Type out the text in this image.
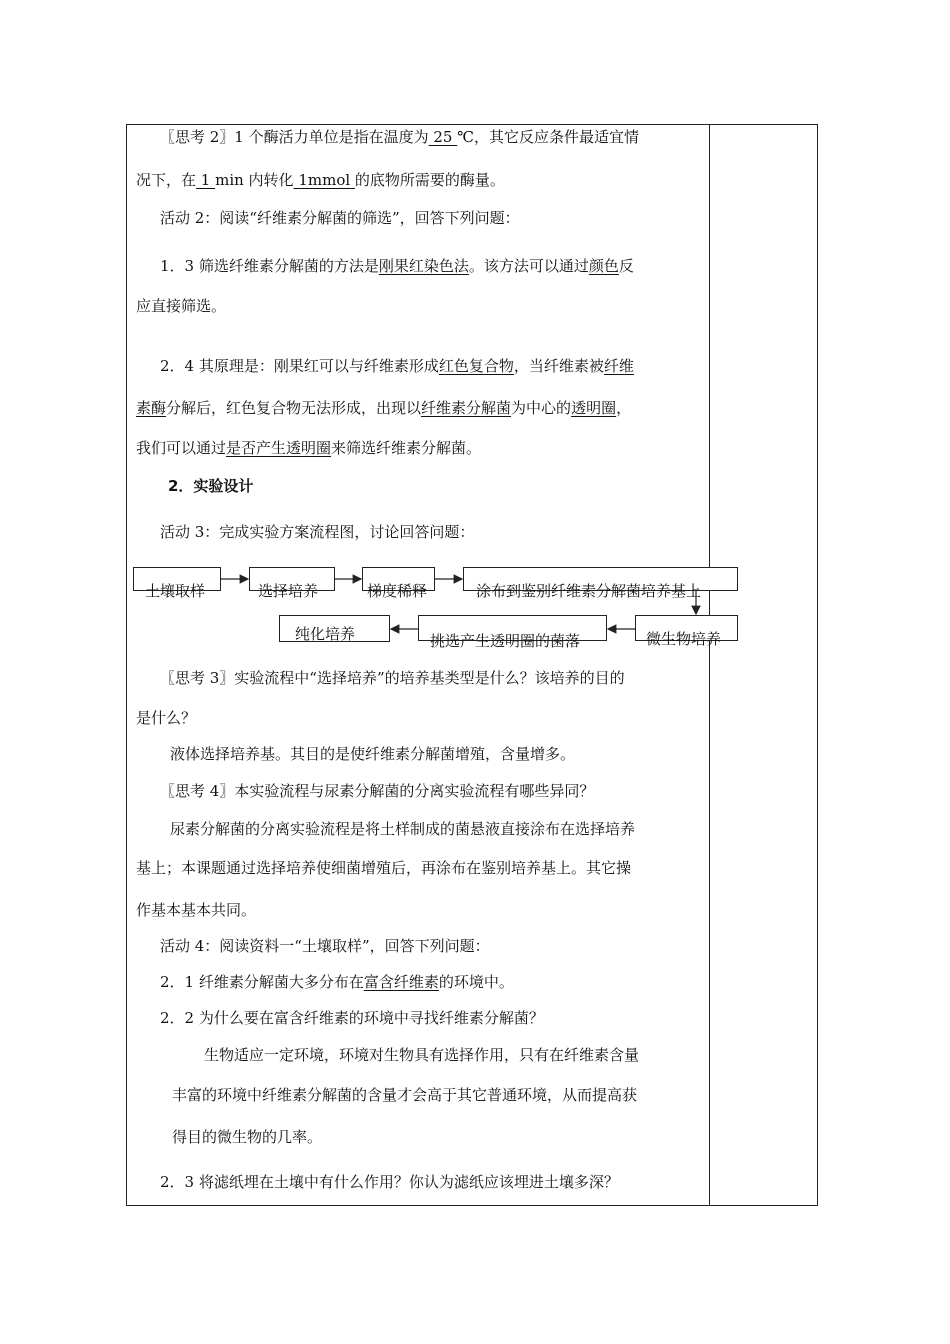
〖思考 2〗1 个酶活力单位是指在温度为 25 ℃，其它反应条件最适宜情
况下，在 1 min 内转化 1mmol 的底物所需要的酶量。
活动 2：阅读“纤维素分解菌的筛选”，回答下列问题：
1．3 筛选纤维素分解菌的方法是刚果红染色法。该方法可以通过颜色反
应直接筛选。
2．4 其原理是：刚果红可以与纤维素形成红色复合物，当纤维素被纤维
素酶分解后，红色复合物无法形成，出现以纤维素分解菌为中心的透明圈，
我们可以通过是否产生透明圈来筛选纤维素分解菌。
2．实验设计
活动 3：完成实验方案流程图，讨论回答问题：
土壤取样	选择培养	梯度稀释	涂布到鉴别纤维素分解菌培养基上
微生物培养
挑选产生透明圈的菌落
纯化培养
〖思考 3〗实验流程中“选择培养”的培养基类型是什么？该培养的目的
是什么？
液体选择培养基。其目的是使纤维素分解菌增殖，含量增多。
〖思考 4〗本实验流程与尿素分解菌的分离实验流程有哪些异同？
尿素分解菌的分离实验流程是将土样制成的菌悬液直接涂布在选择培养
基上；本课题通过选择培养使细菌增殖后，再涂布在鉴别培养基上。其它操
作基本基本共同。
活动 4：阅读资料一“土壤取样”，回答下列问题：
2．1 纤维素分解菌大多分布在富含纤维素的环境中。
2．2 为什么要在富含纤维素的环境中寻找纤维素分解菌？
生物适应一定环境，环境对生物具有选择作用，只有在纤维素含量
丰富的环境中纤维素分解菌的含量才会高于其它普通环境，从而提高获
得目的微生物的几率。
2．3 将滤纸埋在土壤中有什么作用？你认为滤纸应该埋进土壤多深？
